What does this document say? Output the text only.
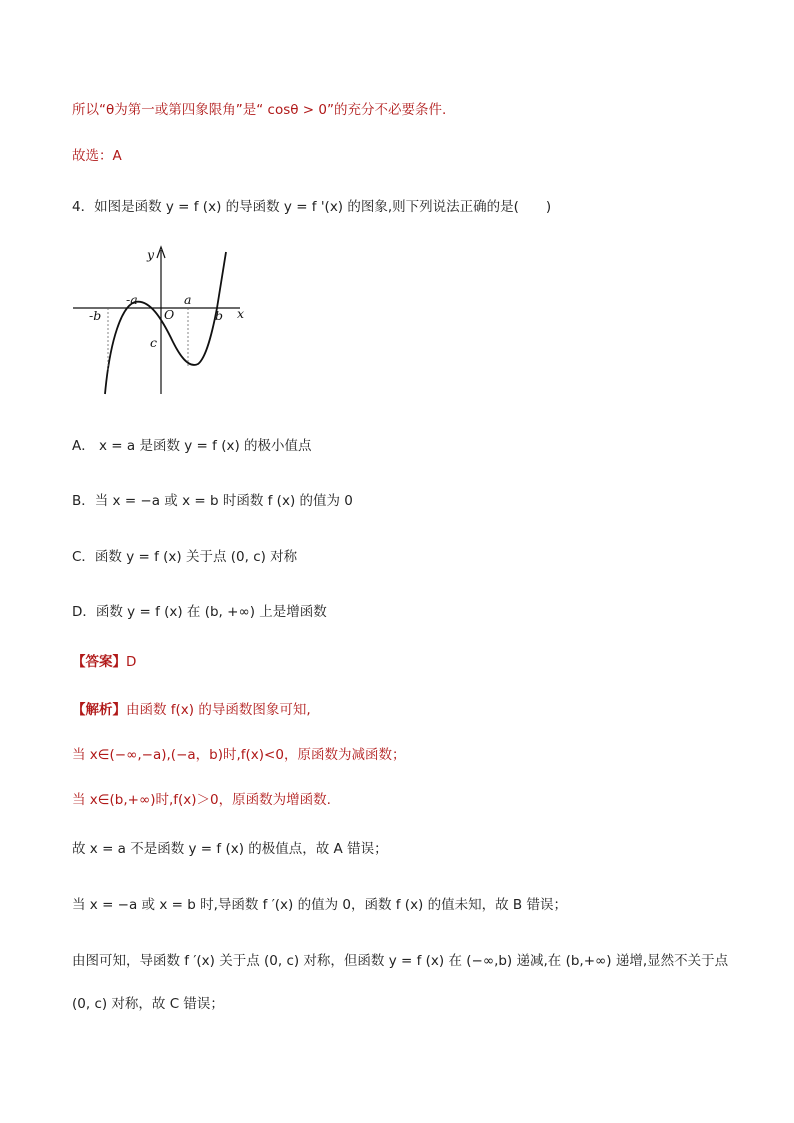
所以“θ为第一或第四象限角”是“ cosθ > 0”的充分不必要条件.
故选：A
4．如图是函数 y = f (x) 的导函数 y = f '(x) 的图象,则下列说法正确的是(　　)
y
x
O
-a	a
-b	b
c
A． x = a 是函数 y = f (x) 的极小值点
B．当 x = −a 或 x = b 时函数 f (x) 的值为 0
C．函数 y = f (x) 关于点 (0, c) 对称
D．函数 y = f (x) 在 (b, +∞) 上是增函数
【答案】D
【解析】由函数 f(x) 的导函数图象可知,
当 x∈(−∞,−a),(−a，b)时,f(x)<0，原函数为减函数；
当 x∈(b,+∞)时,f(x)＞0，原函数为增函数.
故 x = a 不是函数 y = f (x) 的极值点，故 A 错误；
当 x = −a 或 x = b 时,导函数 f ′(x) 的值为 0，函数 f (x) 的值未知，故 B 错误；
由图可知，导函数 f ′(x) 关于点 (0, c) 对称，但函数 y = f (x) 在 (−∞,b) 递减,在 (b,+∞) 递增,显然不关于点
(0, c) 对称，故 C 错误；
